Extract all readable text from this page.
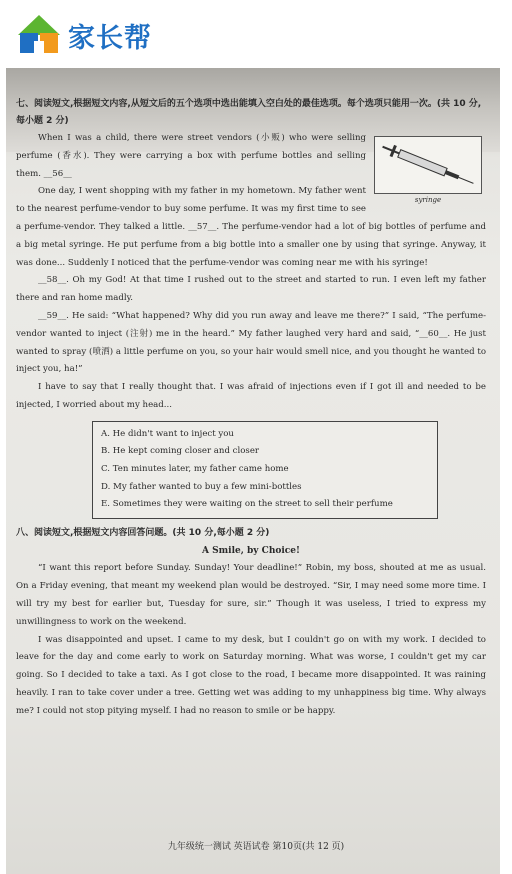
家长帮
七、阅读短文,根据短文内容,从短文后的五个选项中选出能填入空白处的最佳选项。每个选项只能用一次。(共 10 分,每小题 2 分)
syringe

When I was a child, there were street vendors (小贩) who were selling perfume (香水). They were carrying a box with perfume bottles and selling them. __56__

One day, I went shopping with my father in my hometown. My father went to the nearest perfume-vendor to buy some perfume. It was my first time to see a perfume-vendor. They talked a little. __57__. The perfume-vendor had a lot of big bottles of perfume and a big metal syringe. He put perfume from a big bottle into a smaller one by using that syringe. Anyway, it was done... Suddenly I noticed that the perfume-vendor was coming near me with his syringe!

__58__. Oh my God! At that time I rushed out to the street and started to run. I even left my father there and ran home madly.

__59__. He said: “What happened? Why did you run away and leave me there?” I said, “The perfume-vendor wanted to inject (注射) me in the heard.” My father laughed very hard and said, “__60__. He just wanted to spray (喷洒) a little perfume on you, so your hair would smell nice, and you thought he wanted to inject you, ha!”

I have to say that I really thought that. I was afraid of injections even if I got ill and needed to be injected, I worried about my head...

A. He didn't want to inject you
B. He kept coming closer and closer
C. Ten minutes later, my father came home
D. My father wanted to buy a few mini-bottles
E. Sometimes they were waiting on the street to sell their perfume
八、阅读短文,根据短文内容回答问题。(共 10 分,每小题 2 分)
A Smile, by Choice!

“I want this report before Sunday. Sunday! Your deadline!” Robin, my boss, shouted at me as usual. On a Friday evening, that meant my weekend plan would be destroyed. “Sir, I may need some more time. I will try my best for earlier but, Tuesday for sure, sir.” Though it was useless, I tried to express my unwillingness to work on the weekend.

I was disappointed and upset. I came to my desk, but I couldn't go on with my work. I decided to leave for the day and come early to work on Saturday morning. What was worse, I couldn't get my car going. So I decided to take a taxi. As I got close to the road, I became more disappointed. It was raining heavily. I ran to take cover under a tree. Getting wet was adding to my unhappiness big time. Why always me? I could not stop pitying myself. I had no reason to smile or be happy.

九年级统一测试 英语试卷 第10页(共 12 页)
